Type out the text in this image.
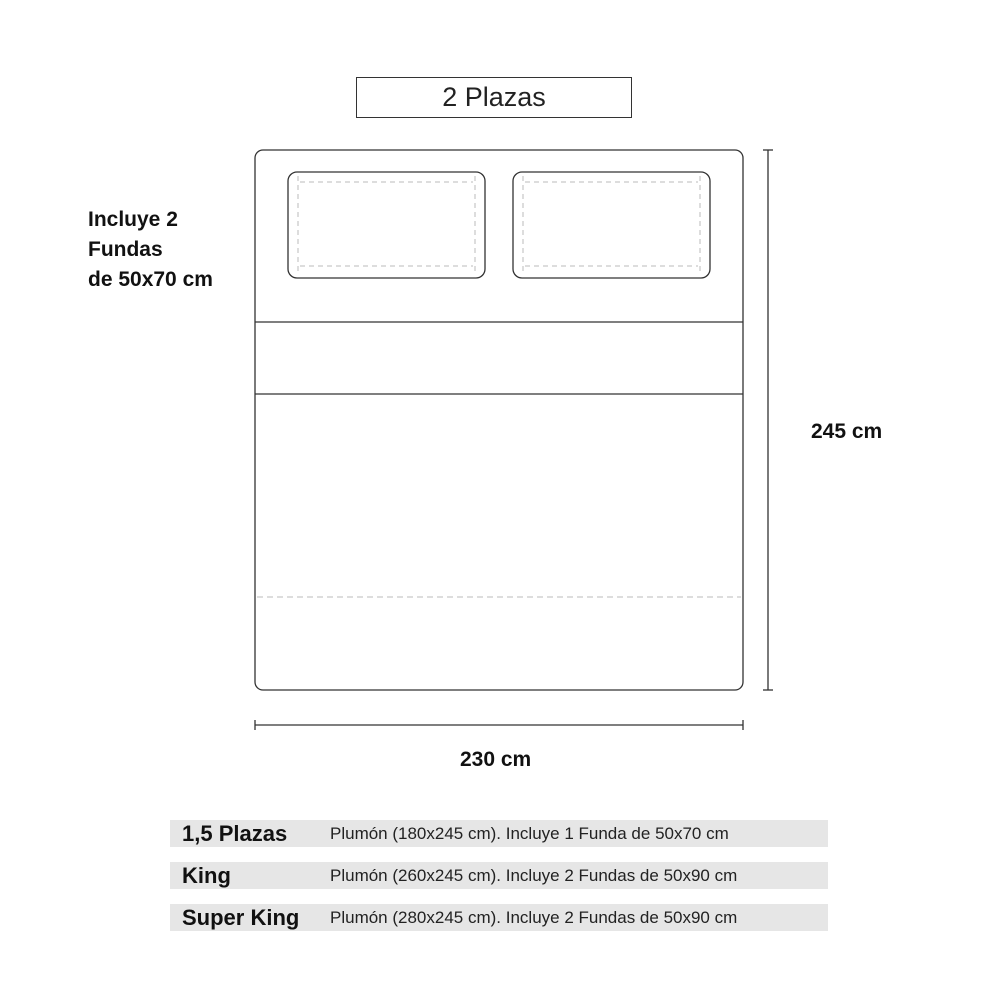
2 Plazas
Incluye 2
Fundas
de 50x70 cm
245 cm
230 cm
1,5 Plazas	Plumón (180x245 cm). Incluye 1 Funda de 50x70 cm
King	Plumón (260x245 cm). Incluye 2 Fundas de 50x90 cm
Super King Plumón (280x245 cm). Incluye 2 Fundas de 50x90 cm
